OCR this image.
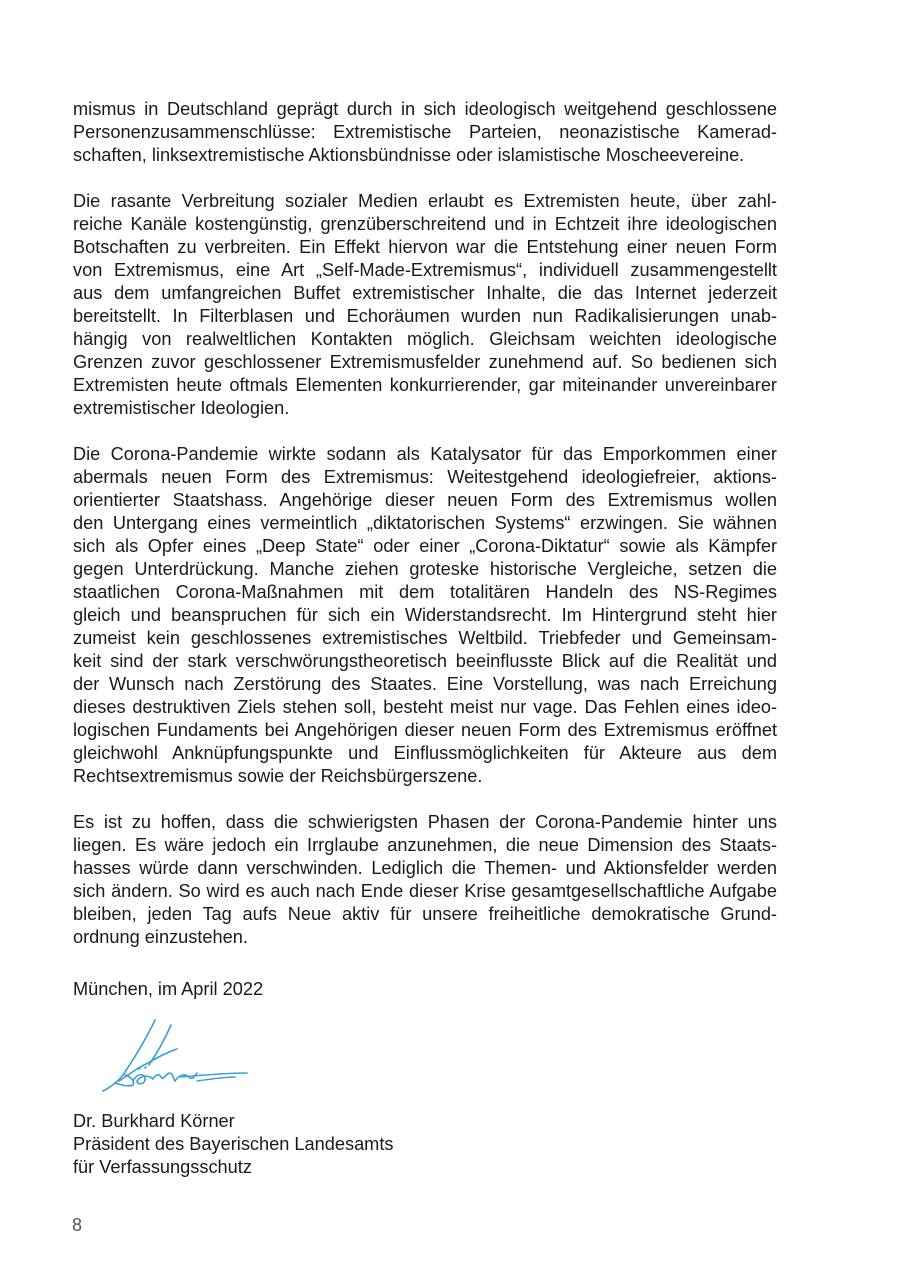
mismus in Deutschland geprägt durch in sich ideologisch weitgehend geschlossene
Personenzusammenschlüsse: Extremistische Parteien, neonazistische Kamerad-
schaften, linksextremistische Aktionsbündnisse oder islamistische Moscheevereine.

Die rasante Verbreitung sozialer Medien erlaubt es Extremisten heute, über zahl-
reiche Kanäle kostengünstig, grenzüberschreitend und in Echtzeit ihre ideologischen
Botschaften zu verbreiten. Ein Effekt hiervon war die Entstehung einer neuen Form
von Extremismus, eine Art „Self-Made-Extremismus“, individuell zusammengestellt
aus dem umfangreichen Buffet extremistischer Inhalte, die das Internet jederzeit
bereitstellt. In Filterblasen und Echoräumen wurden nun Radikalisierungen unab-
hängig von realweltlichen Kontakten möglich. Gleichsam weichten ideologische
Grenzen zuvor geschlossener Extremismusfelder zunehmend auf. So bedienen sich
Extremisten heute oftmals Elementen konkurrierender, gar miteinander unvereinbarer
extremistischer Ideologien.

Die Corona-Pandemie wirkte sodann als Katalysator für das Emporkommen einer
abermals neuen Form des Extremismus: Weitestgehend ideologiefreier, aktions-
orientierter Staatshass. Angehörige dieser neuen Form des Extremismus wollen
den Untergang eines vermeintlich „diktatorischen Systems“ erzwingen. Sie wähnen
sich als Opfer eines „Deep State“ oder einer „Corona-Diktatur“ sowie als Kämpfer
gegen Unterdrückung. Manche ziehen groteske historische Vergleiche, setzen die
staatlichen Corona-Maßnahmen mit dem totalitären Handeln des NS-Regimes
gleich und beanspruchen für sich ein Widerstandsrecht. Im Hintergrund steht hier
zumeist kein geschlossenes extremistisches Weltbild. Triebfeder und Gemeinsam-
keit sind der stark verschwörungstheoretisch beeinflusste Blick auf die Realität und
der Wunsch nach Zerstörung des Staates. Eine Vorstellung, was nach Erreichung
dieses destruktiven Ziels stehen soll, besteht meist nur vage. Das Fehlen eines ideo-
logischen Fundaments bei Angehörigen dieser neuen Form des Extremismus eröffnet
gleichwohl Anknüpfungspunkte und Einflussmöglichkeiten für Akteure aus dem
Rechtsextremismus sowie der Reichsbürgerszene.

Es ist zu hoffen, dass die schwierigsten Phasen der Corona-Pandemie hinter uns
liegen. Es wäre jedoch ein Irrglaube anzunehmen, die neue Dimension des Staats-
hasses würde dann verschwinden. Lediglich die Themen- und Aktionsfelder werden
sich ändern. So wird es auch nach Ende dieser Krise gesamtgesellschaftliche Aufgabe
bleiben, jeden Tag aufs Neue aktiv für unsere freiheitliche demokratische Grund-
ordnung einzustehen.

München, im April 2022

Dr. Burkhard Körner
Präsident des Bayerischen Landesamts
für Verfassungsschutz
8
